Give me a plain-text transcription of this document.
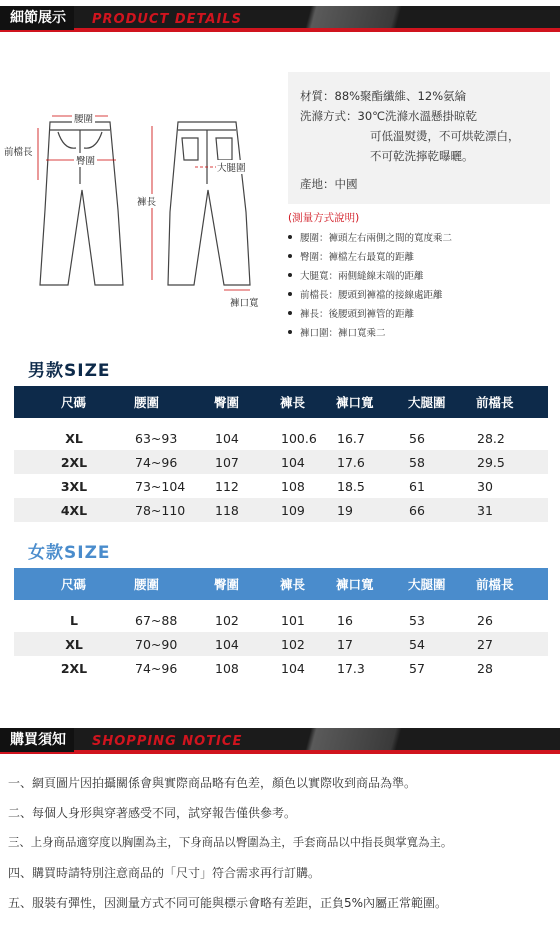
細節展示	PRODUCT DETAILS
腰圍
前檔長
臀圍
褲長
大腿圍
褲口寬

材質：88%聚酯纖維、12%氨綸

洗滌方式：30℃洗滌水溫懸掛晾乾

可低溫熨燙，不可烘乾漂白，

不可乾洗擰乾曝曬。

產地：中國

(測量方式說明)
腰圍：褲頭左右兩側之間的寬度乘二
臀圍：褲檔左右最寬的距離
大腿寬：兩側縫線末端的距離
前檔長：腰頭到褲襠的接線處距離
褲長：後腰頭到褲管的距離
褲口圍：褲口寬乘二
男款SIZE
尺碼	腰圍	臀圍	褲長	褲口寬	大腿圍	前檔長

XL	63~93	104	100.6	16.7	56	28.2
2XL	74~96	107	104	17.6	58	29.5
3XL	73~104	112	108	18.5	61	30
4XL	78~110	118	109	19	66	31
女款SIZE
尺碼	腰圍	臀圍	褲長	褲口寬	大腿圍	前檔長

L	67~88	102	101	16	53	26
XL	70~90	104	102	17	54	27
2XL	74~96	108	104	17.3	57	28
購買須知	SHOPPING NOTICE

一、網頁圖片因拍攝關係會與實際商品略有色差，顏色以實際收到商品為準。

二、每個人身形與穿著感受不同，試穿報告僅供參考。

三、上身商品適穿度以胸圍為主，下身商品以臀圍為主，手套商品以中指長與掌寬為主。

四、購買時請特別注意商品的「尺寸」符合需求再行訂購。

五、服裝有彈性，因測量方式不同可能與標示會略有差距，正負5%內屬正常範圍。
